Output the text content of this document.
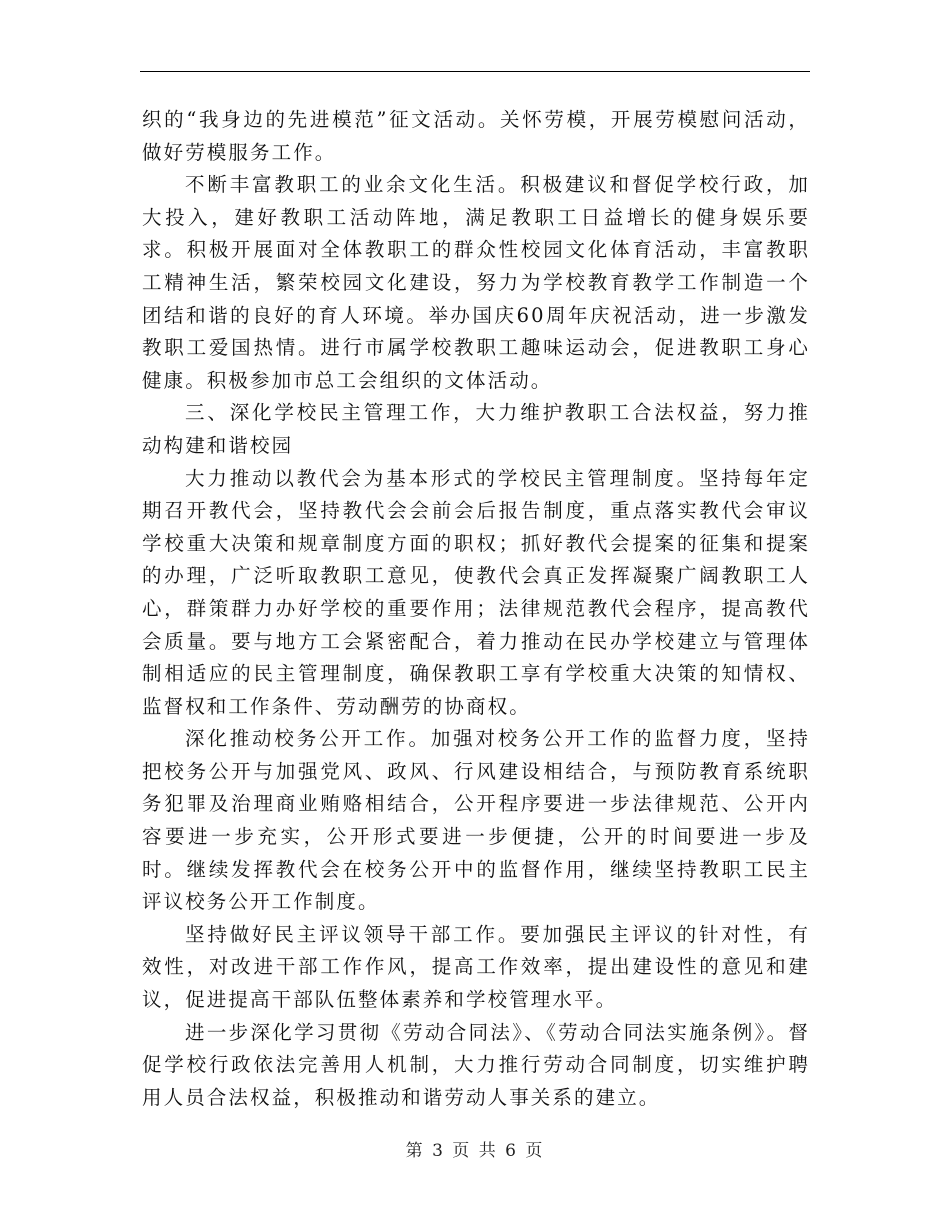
织的“我身边的先进模范”征文活动。关怀劳模，开展劳模慰问活动，做好劳模服务工作。

不断丰富教职工的业余文化生活。积极建议和督促学校行政，加大投入，建好教职工活动阵地，满足教职工日益增长的健身娱乐要求。积极开展面对全体教职工的群众性校园文化体育活动，丰富教职工精神生活，繁荣校园文化建设，努力为学校教育教学工作制造一个团结和谐的良好的育人环境。举办国庆60周年庆祝活动，进一步激发教职工爱国热情。进行市属学校教职工趣味运动会，促进教职工身心健康。积极参加市总工会组织的文体活动。

三、深化学校民主管理工作，大力维护教职工合法权益，努力推动构建和谐校园

大力推动以教代会为基本形式的学校民主管理制度。坚持每年定期召开教代会，坚持教代会会前会后报告制度，重点落实教代会审议学校重大决策和规章制度方面的职权；抓好教代会提案的征集和提案的办理，广泛听取教职工意见，使教代会真正发挥凝聚广阔教职工人心，群策群力办好学校的重要作用；法律规范教代会程序，提高教代会质量。要与地方工会紧密配合，着力推动在民办学校建立与管理体制相适应的民主管理制度，确保教职工享有学校重大决策的知情权、监督权和工作条件、劳动酬劳的协商权。

深化推动校务公开工作。加强对校务公开工作的监督力度，坚持把校务公开与加强党风、政风、行风建设相结合，与预防教育系统职务犯罪及治理商业贿赂相结合，公开程序要进一步法律规范、公开内容要进一步充实，公开形式要进一步便捷，公开的时间要进一步及时。继续发挥教代会在校务公开中的监督作用，继续坚持教职工民主评议校务公开工作制度。

坚持做好民主评议领导干部工作。要加强民主评议的针对性，有效性，对改进干部工作作风，提高工作效率，提出建设性的意见和建议，促进提高干部队伍整体素养和学校管理水平。

进一步深化学习贯彻《劳动合同法》、《劳动合同法实施条例》。督促学校行政依法完善用人机制，大力推行劳动合同制度，切实维护聘用人员合法权益，积极推动和谐劳动人事关系的建立。

第 3 页 共 6 页
